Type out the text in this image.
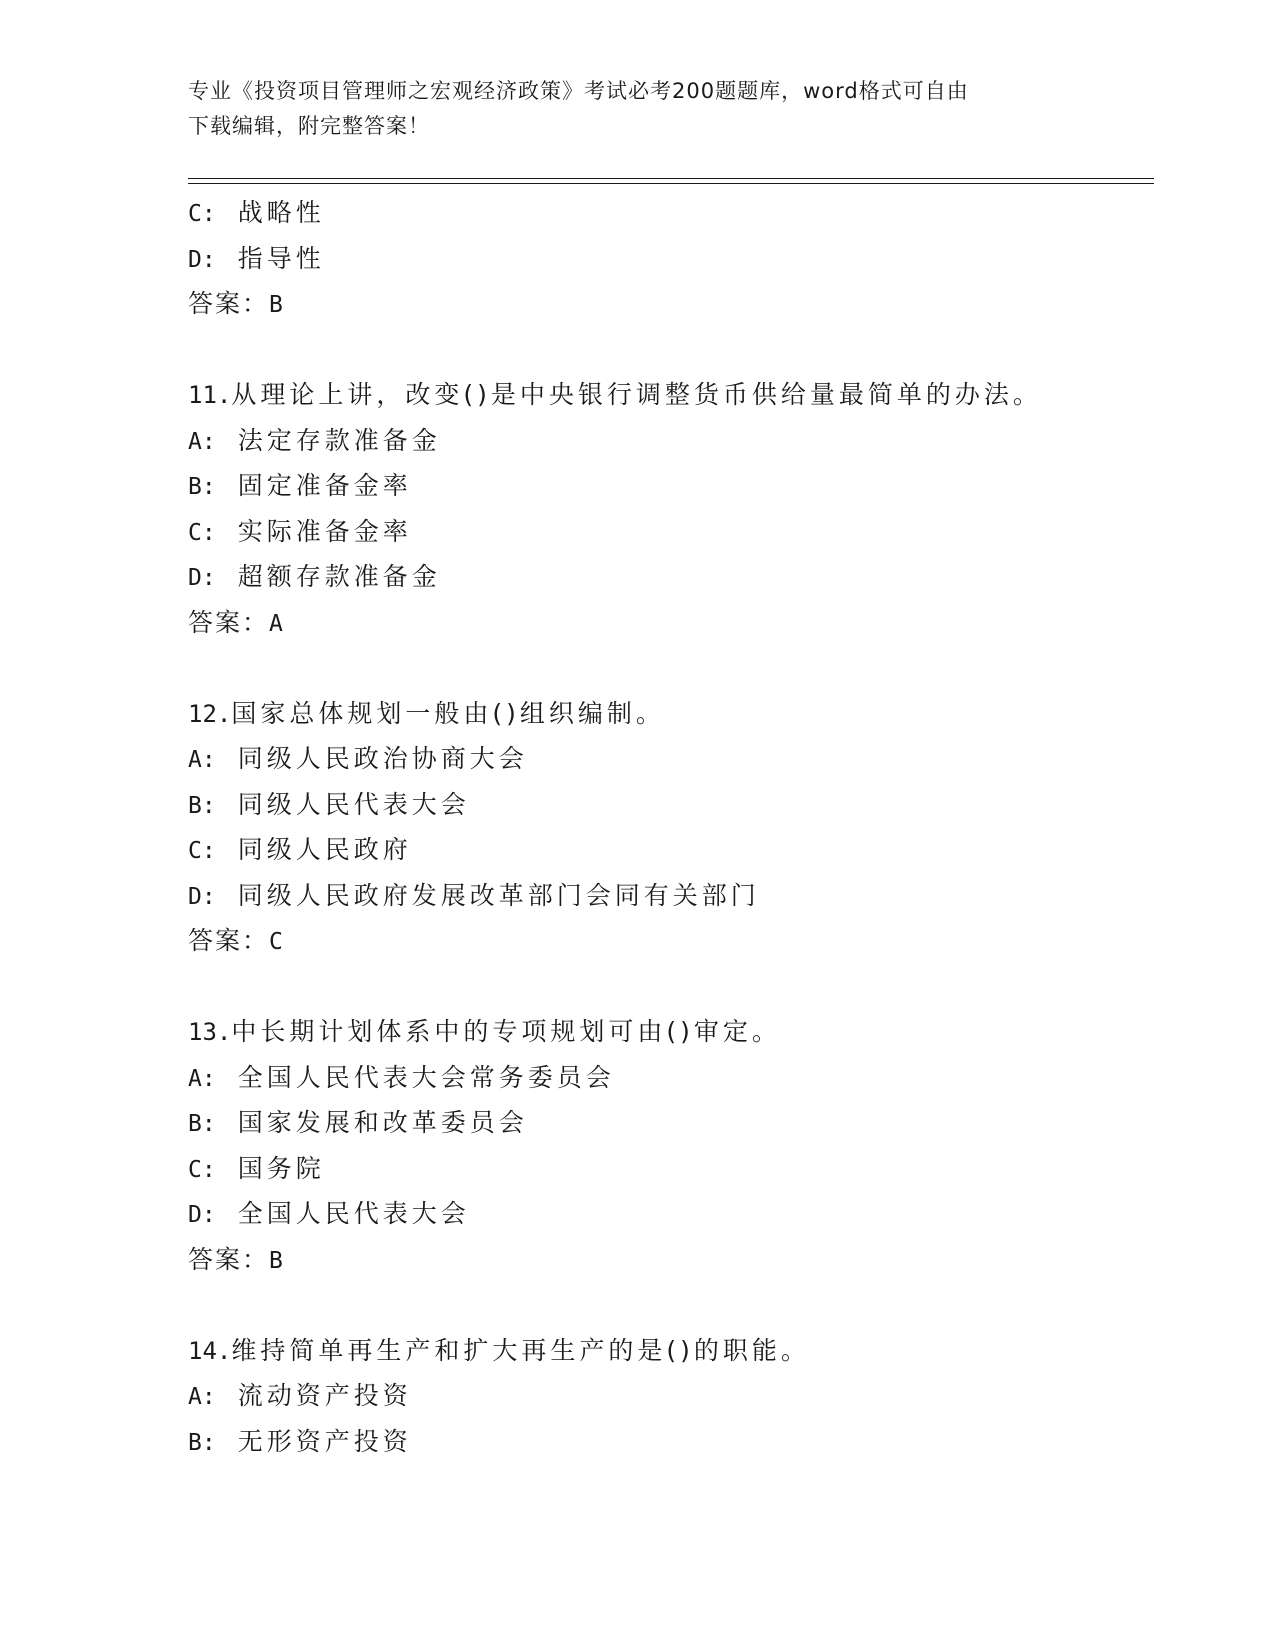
专业《投资项目管理师之宏观经济政策》考试必考200题题库，word格式可自由
下载编辑，附完整答案！
C: 战略性
D: 指导性
答案：B
11.从理论上讲，改变()是中央银行调整货币供给量最简单的办法。
A: 法定存款准备金
B: 固定准备金率
C: 实际准备金率
D: 超额存款准备金
答案：A
12.国家总体规划一般由()组织编制。
A: 同级人民政治协商大会
B: 同级人民代表大会
C: 同级人民政府
D: 同级人民政府发展改革部门会同有关部门
答案：C
13.中长期计划体系中的专项规划可由()审定。
A: 全国人民代表大会常务委员会
B: 国家发展和改革委员会
C: 国务院
D: 全国人民代表大会
答案：B
14.维持简单再生产和扩大再生产的是()的职能。
A: 流动资产投资
B: 无形资产投资
